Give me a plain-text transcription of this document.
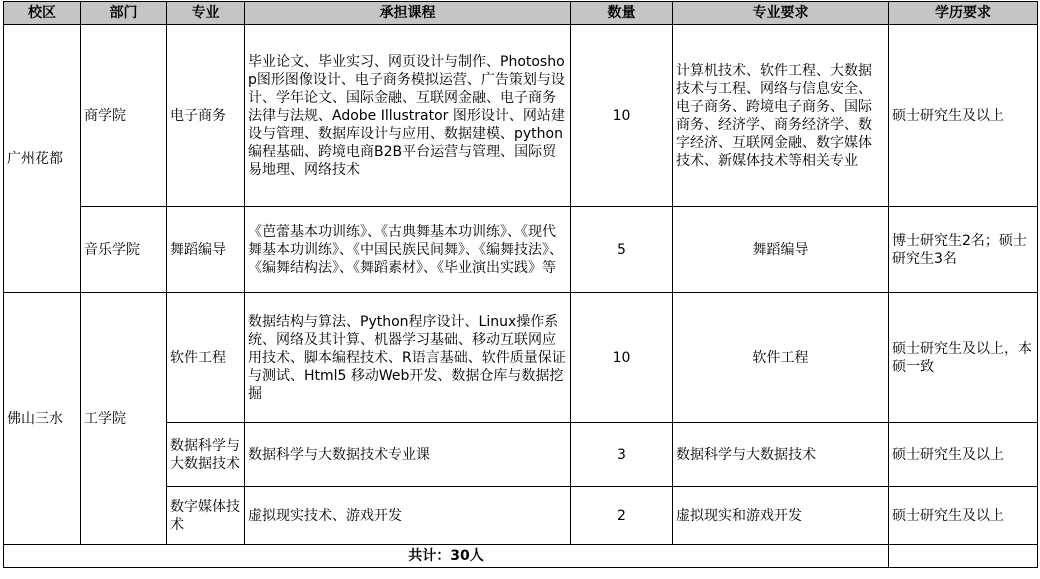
校区	部门	专业	承担课程	数量	专业要求	学历要求
广州花都	商学院	电子商务	毕业论文、毕业实习、网页设计与制作、Photoshop图形图像设计、电子商务模拟运营、广告策划与设计、学年论文、国际金融、互联网金融、电子商务法律与法规、Adobe Illustrator 图形设计、网站建设与管理、数据库设计与应用、数据建模、python编程基础、跨境电商B2B平台运营与管理、国际贸易地理、网络技术	10	计算机技术、软件工程、大数据技术与工程、网络与信息安全、电子商务、跨境电子商务、国际商务、经济学、商务经济学、数字经济、互联网金融、数字媒体技术、新媒体技术等相关专业	硕士研究生及以上
	音乐学院	舞蹈编导	《芭蕾基本功训练》、《古典舞基本功训练》、《现代舞基本功训练》、《中国民族民间舞》、《编舞技法》、《编舞结构法》、《舞蹈素材》、《毕业演出实践》等	5	舞蹈编导	博士研究生2名；硕士研究生3名
佛山三水	工学院	软件工程	数据结构与算法、Python程序设计、Linux操作系统、网络及其计算、机器学习基础、移动互联网应用技术、脚本编程技术、R语言基础、软件质量保证与测试、Html5 移动Web开发、数据仓库与数据挖掘	10	软件工程	硕士研究生及以上，本硕一致
		数据科学与大数据技术	数据科学与大数据技术专业课	3	数据科学与大数据技术	硕士研究生及以上
		数字媒体技术	虚拟现实技术、游戏开发	2	虚拟现实和游戏开发	硕士研究生及以上
共计：30人						
